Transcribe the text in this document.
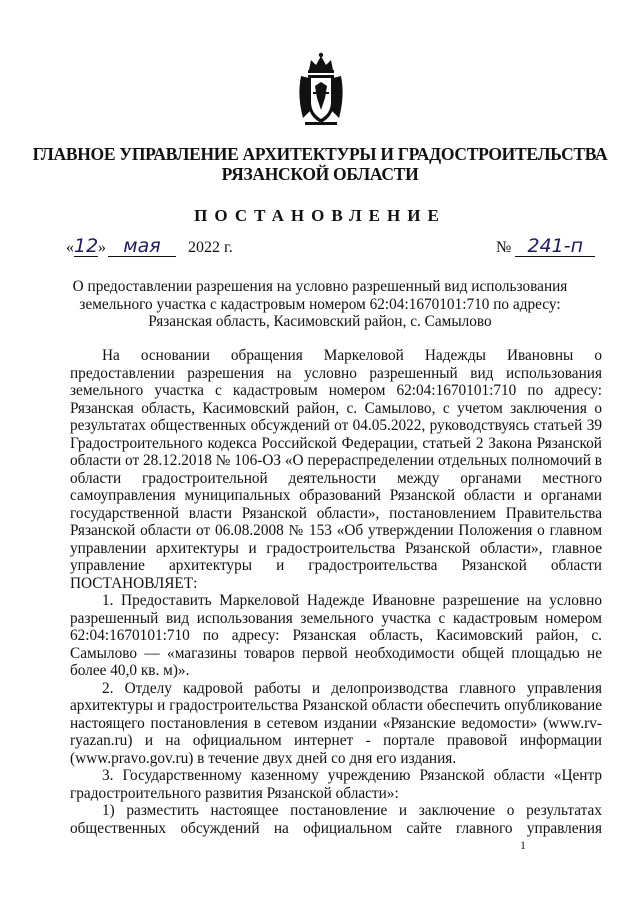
ГЛАВНОЕ УПРАВЛЕНИЕ АРХИТЕКТУРЫ И ГРАДОСТРОИТЕЛЬСТВА
РЯЗАНСКОЙ ОБЛАСТИ
ПОСТАНОВЛЕНИЕ
«12» мая 2022 г.	№ 241-п
О предоставлении разрешения на условно разрешенный вид использования
земельного участка с кадастровым номером 62:04:1670101:710 по адресу:
Рязанская область, Касимовский район, с. Самылово

На основании обращения Маркеловой Надежды Ивановны о предоставлении разрешения на условно разрешенный вид использования земельного участка с кадастровым номером 62:04:1670101:710 по адресу: Рязанская область, Касимовский район, с. Самылово, с учетом заключения о результатах общественных обсуждений от 04.05.2022, руководствуясь статьей 39 Градостроительного кодекса Российской Федерации, статьей 2 Закона Рязанской области от 28.12.2018 № 106-ОЗ «О перераспределении отдельных полномочий в области градостроительной деятельности между органами местного самоуправления муниципальных образований Рязанской области и органами государственной власти Рязанской области», постановлением Правительства Рязанской области от 06.08.2008 № 153 «Об утверждении Положения о главном управлении архитектуры и градостроительства Рязанской области», главное управление архитектуры и градостроительства Рязанской области

ПОСТАНОВЛЯЕТ:

1. Предоставить Маркеловой Надежде Ивановне разрешение на условно разрешенный вид использования земельного участка с кадастровым номером 62:04:1670101:710 по адресу: Рязанская область, Касимовский район, с. Самылово — «магазины товаров первой необходимости общей площадью не более 40,0 кв. м)».

2. Отделу кадровой работы и делопроизводства главного управления архитектуры и градостроительства Рязанской области обеспечить опубликование настоящего постановления в сетевом издании «Рязанские ведомости» (www.rv-ryazan.ru) и на официальном интернет - портале правовой информации (www.pravo.gov.ru) в течение двух дней со дня его издания.

3. Государственному казенному учреждению Рязанской области «Центр градостроительного развития Рязанской области»:

1) разместить настоящее постановление и заключение о результатах общественных обсуждений на официальном сайте главного управления

1
